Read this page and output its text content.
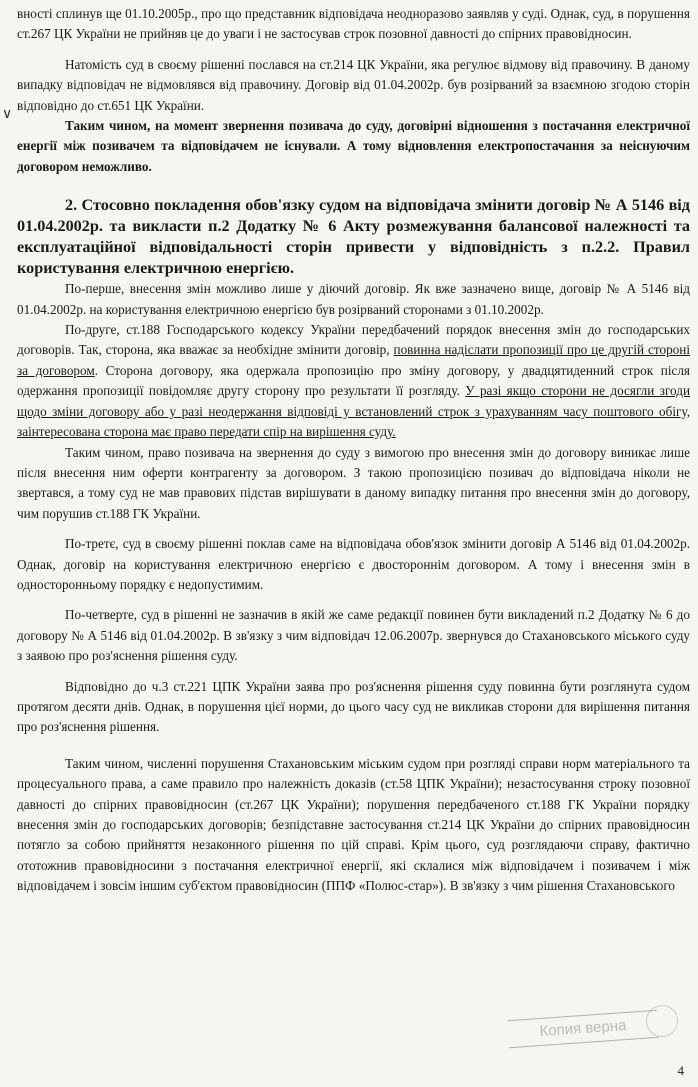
∨

вності сплинув ще 01.10.2005р., про що представник відповідача неодноразово заявляв у суді. Однак, суд, в порушення ст.267 ЦК України не прийняв це до уваги і не застосував строк позовної давності до спірних правовідносин.

Натомість суд в своєму рішенні послався на ст.214 ЦК України, яка регулює відмову від правочину. В даному випадку відповідач не відмовлявся від правочину. Договір від 01.04.2002р. був розірваний за взаємною згодою сторін відповідно до ст.651 ЦК України.

Таким чином, на момент звернення позивача до суду, договірні відношення з постачання електричної енергії між позивачем та відповідачем не існували. А тому відновлення електропостачання за неіснуючим договором неможливо.

2. Стосовно покладення обов'язку судом на відповідача змінити договір № А 5146 від 01.04.2002р. та викласти п.2 Додатку № 6 Акту розмежування балансової належності та експлуатаційної відповідальності сторін привести у відповідність з п.2.2. Правил користування електричною енергією.

По-перше, внесення змін можливо лише у діючий договір. Як вже зазначено вище, договір № А 5146 від 01.04.2002р. на користування електричною енергією був розірваний сторонами з 01.10.2002р.

По-друге, ст.188 Господарського кодексу України передбачений порядок внесення змін до господарських договорів. Так, сторона, яка вважає за необхідне змінити договір, повинна надіслати пропозиції про це другій стороні за договором. Сторона договору, яка одержала пропозицію про зміну договору, у двадцятиденний строк після одержання пропозиції повідомляє другу сторону про результати її розгляду. У разі якщо сторони не досягли згоди щодо зміни договору або у разі неодержання відповіді у встановлений строк з урахуванням часу поштового обігу, заінтересована сторона має право передати спір на вирішення суду.

Таким чином, право позивача на звернення до суду з вимогою про внесення змін до договору виникає лише після внесення ним оферти контрагенту за договором. З такою пропозицією позивач до відповідача ніколи не звертався, а тому суд не мав правових підстав вирішувати в даному випадку питання про внесення змін до договору, чим порушив ст.188 ГК України.

По-третє, суд в своєму рішенні поклав саме на відповідача обов'язок змінити договір А 5146 від 01.04.2002р. Однак, договір на користування електричною енергією є двостороннім договором. А тому і внесення змін в односторонньому порядку є недопустимим.

По-четверте, суд в рішенні не зазначив в якій же саме редакції повинен бути викладений п.2 Додатку № 6 до договору № А 5146 від 01.04.2002р. В зв'язку з чим відповідач 12.06.2007р. звернувся до Стахановського міського суду з заявою про роз'яснення рішення суду.

Відповідно до ч.3 ст.221 ЦПК України заява про роз'яснення рішення суду повинна бути розглянута судом протягом десяти днів. Однак, в порушення цієї норми, до цього часу суд не викликав сторони для вирішення питання про роз'яснення рішення.

Таким чином, численні порушення Стахановським міським судом при розгляді справи норм матеріального та процесуального права, а саме правило про належність доказів (ст.58 ЦПК України); незастосування строку позовної давності до спірних правовідносин (ст.267 ЦК України); порушення передбаченого ст.188 ГК України порядку внесення змін до господарських договорів; безпідставне застосування ст.214 ЦК України до спірних правовідносин потягло за собою прийняття незаконного рішення по цій справі. Крім цього, суд розглядаючи справу, фактично ототожнив правовідносини з постачання електричної енергії, які склалися між відповідачем і позивачем і між відповідачем і зовсім іншим суб'єктом правовідносин (ППФ «Полюс-стар»). В зв'язку з чим рішення Стахановського

Копия верна
4
